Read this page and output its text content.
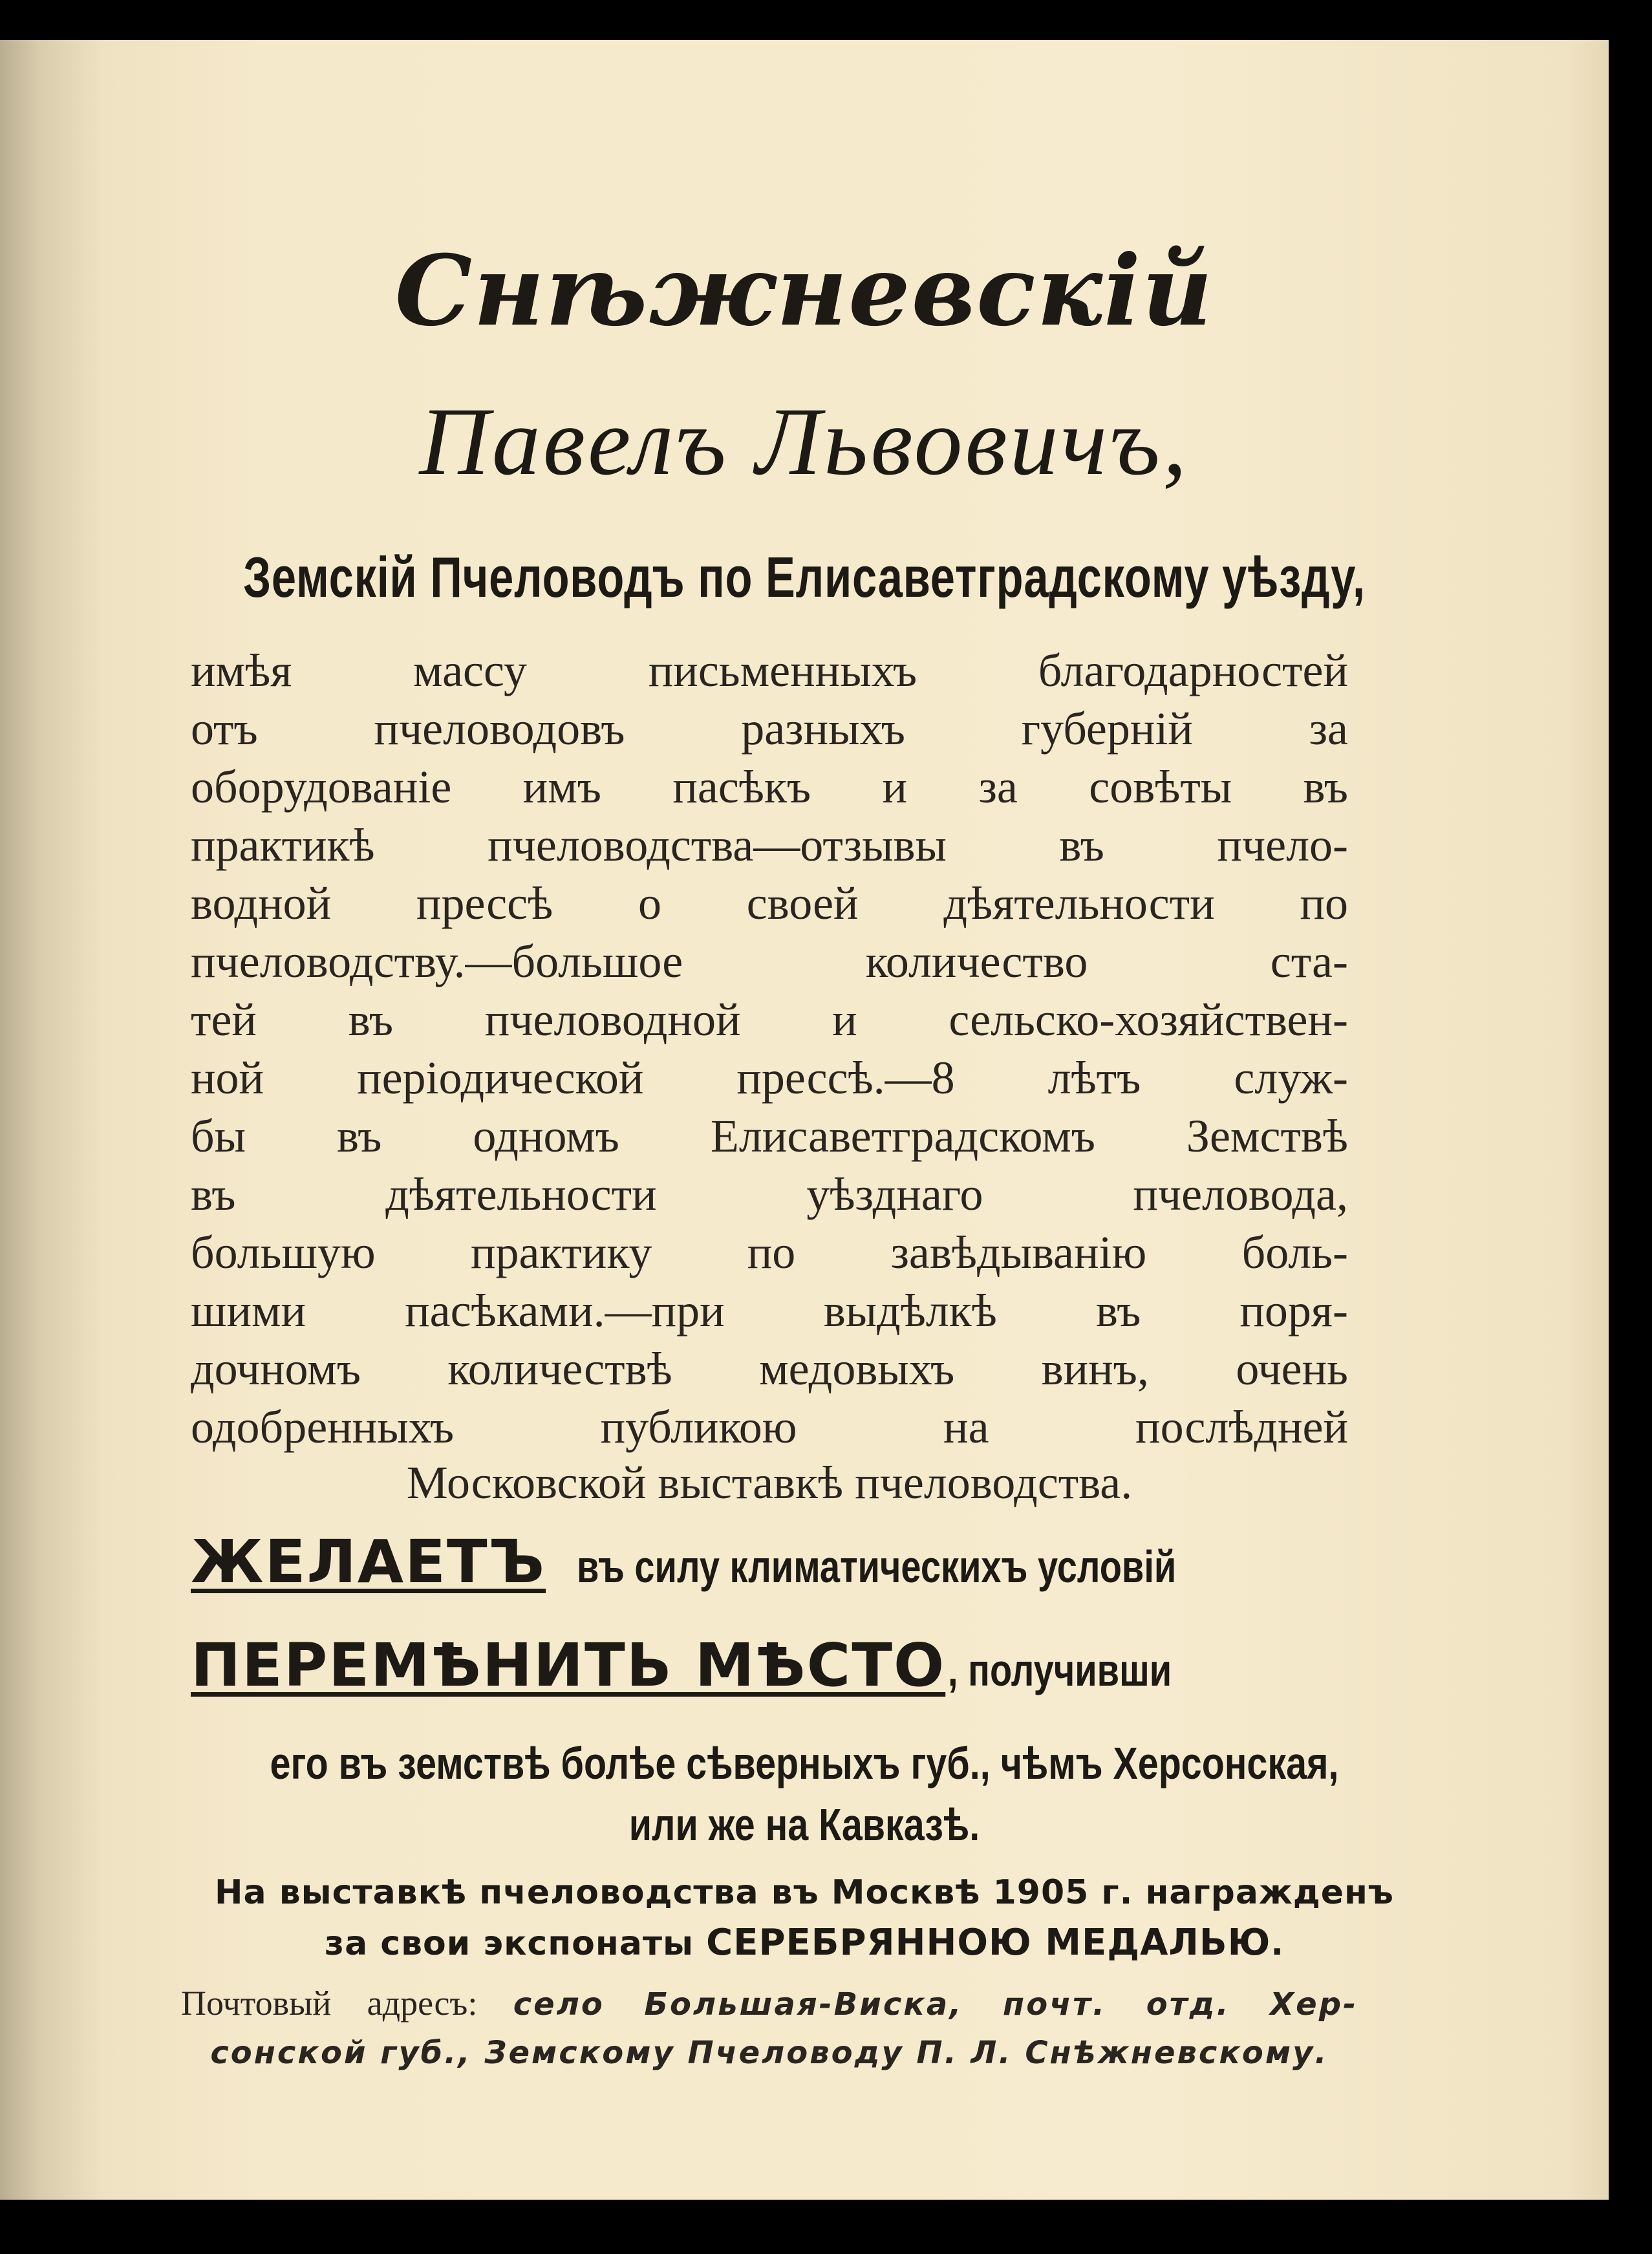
Снѣжневскiй
Павелъ Львовичъ,
Земскiй Пчеловодъ по Елисаветградскому уѣзду,
имѣя массу письменныхъ благодарностей
отъ пчеловодовъ разныхъ губернiй за
оборудованiе имъ пасѣкъ и за совѣты въ
практикѣ пчеловодства—отзывы въ пчело-
водной прессѣ о своей дѣятельности по
пчеловодству.—большое количество ста-
тей въ пчеловодной и сельско-хозяйствен-
ной перiодической прессѣ.—8 лѣтъ служ-
бы въ одномъ Елисаветградскомъ Земствѣ
въ дѣятельности уѣзднаго пчеловода,
большую практику по завѣдыванiю боль-
шими пасѣками.—при выдѣлкѣ въ поря-
дочномъ количествѣ медовыхъ винъ, очень
одобренныхъ публикою на послѣдней
Московской выставкѣ пчеловодства.
ЖЕЛАЕТЪ въ силу климатическихъ условiй
ПЕРЕМѢНИТЬ МѢСТО , получивши
его въ земствѣ болѣе сѣверныхъ губ., чѣмъ Херсонская,
или же на Кавказѣ.
На выставкѣ пчеловодства въ Москвѣ 1905 г. награжденъ
за свои экспонаты СЕРЕБРЯННОЮ МЕДАЛЬЮ.
Почтовый адресъ: село Большая-Виска, почт. отд. Хер-
сонской губ., Земскому Пчеловоду П. Л. Снѣжневскому.
